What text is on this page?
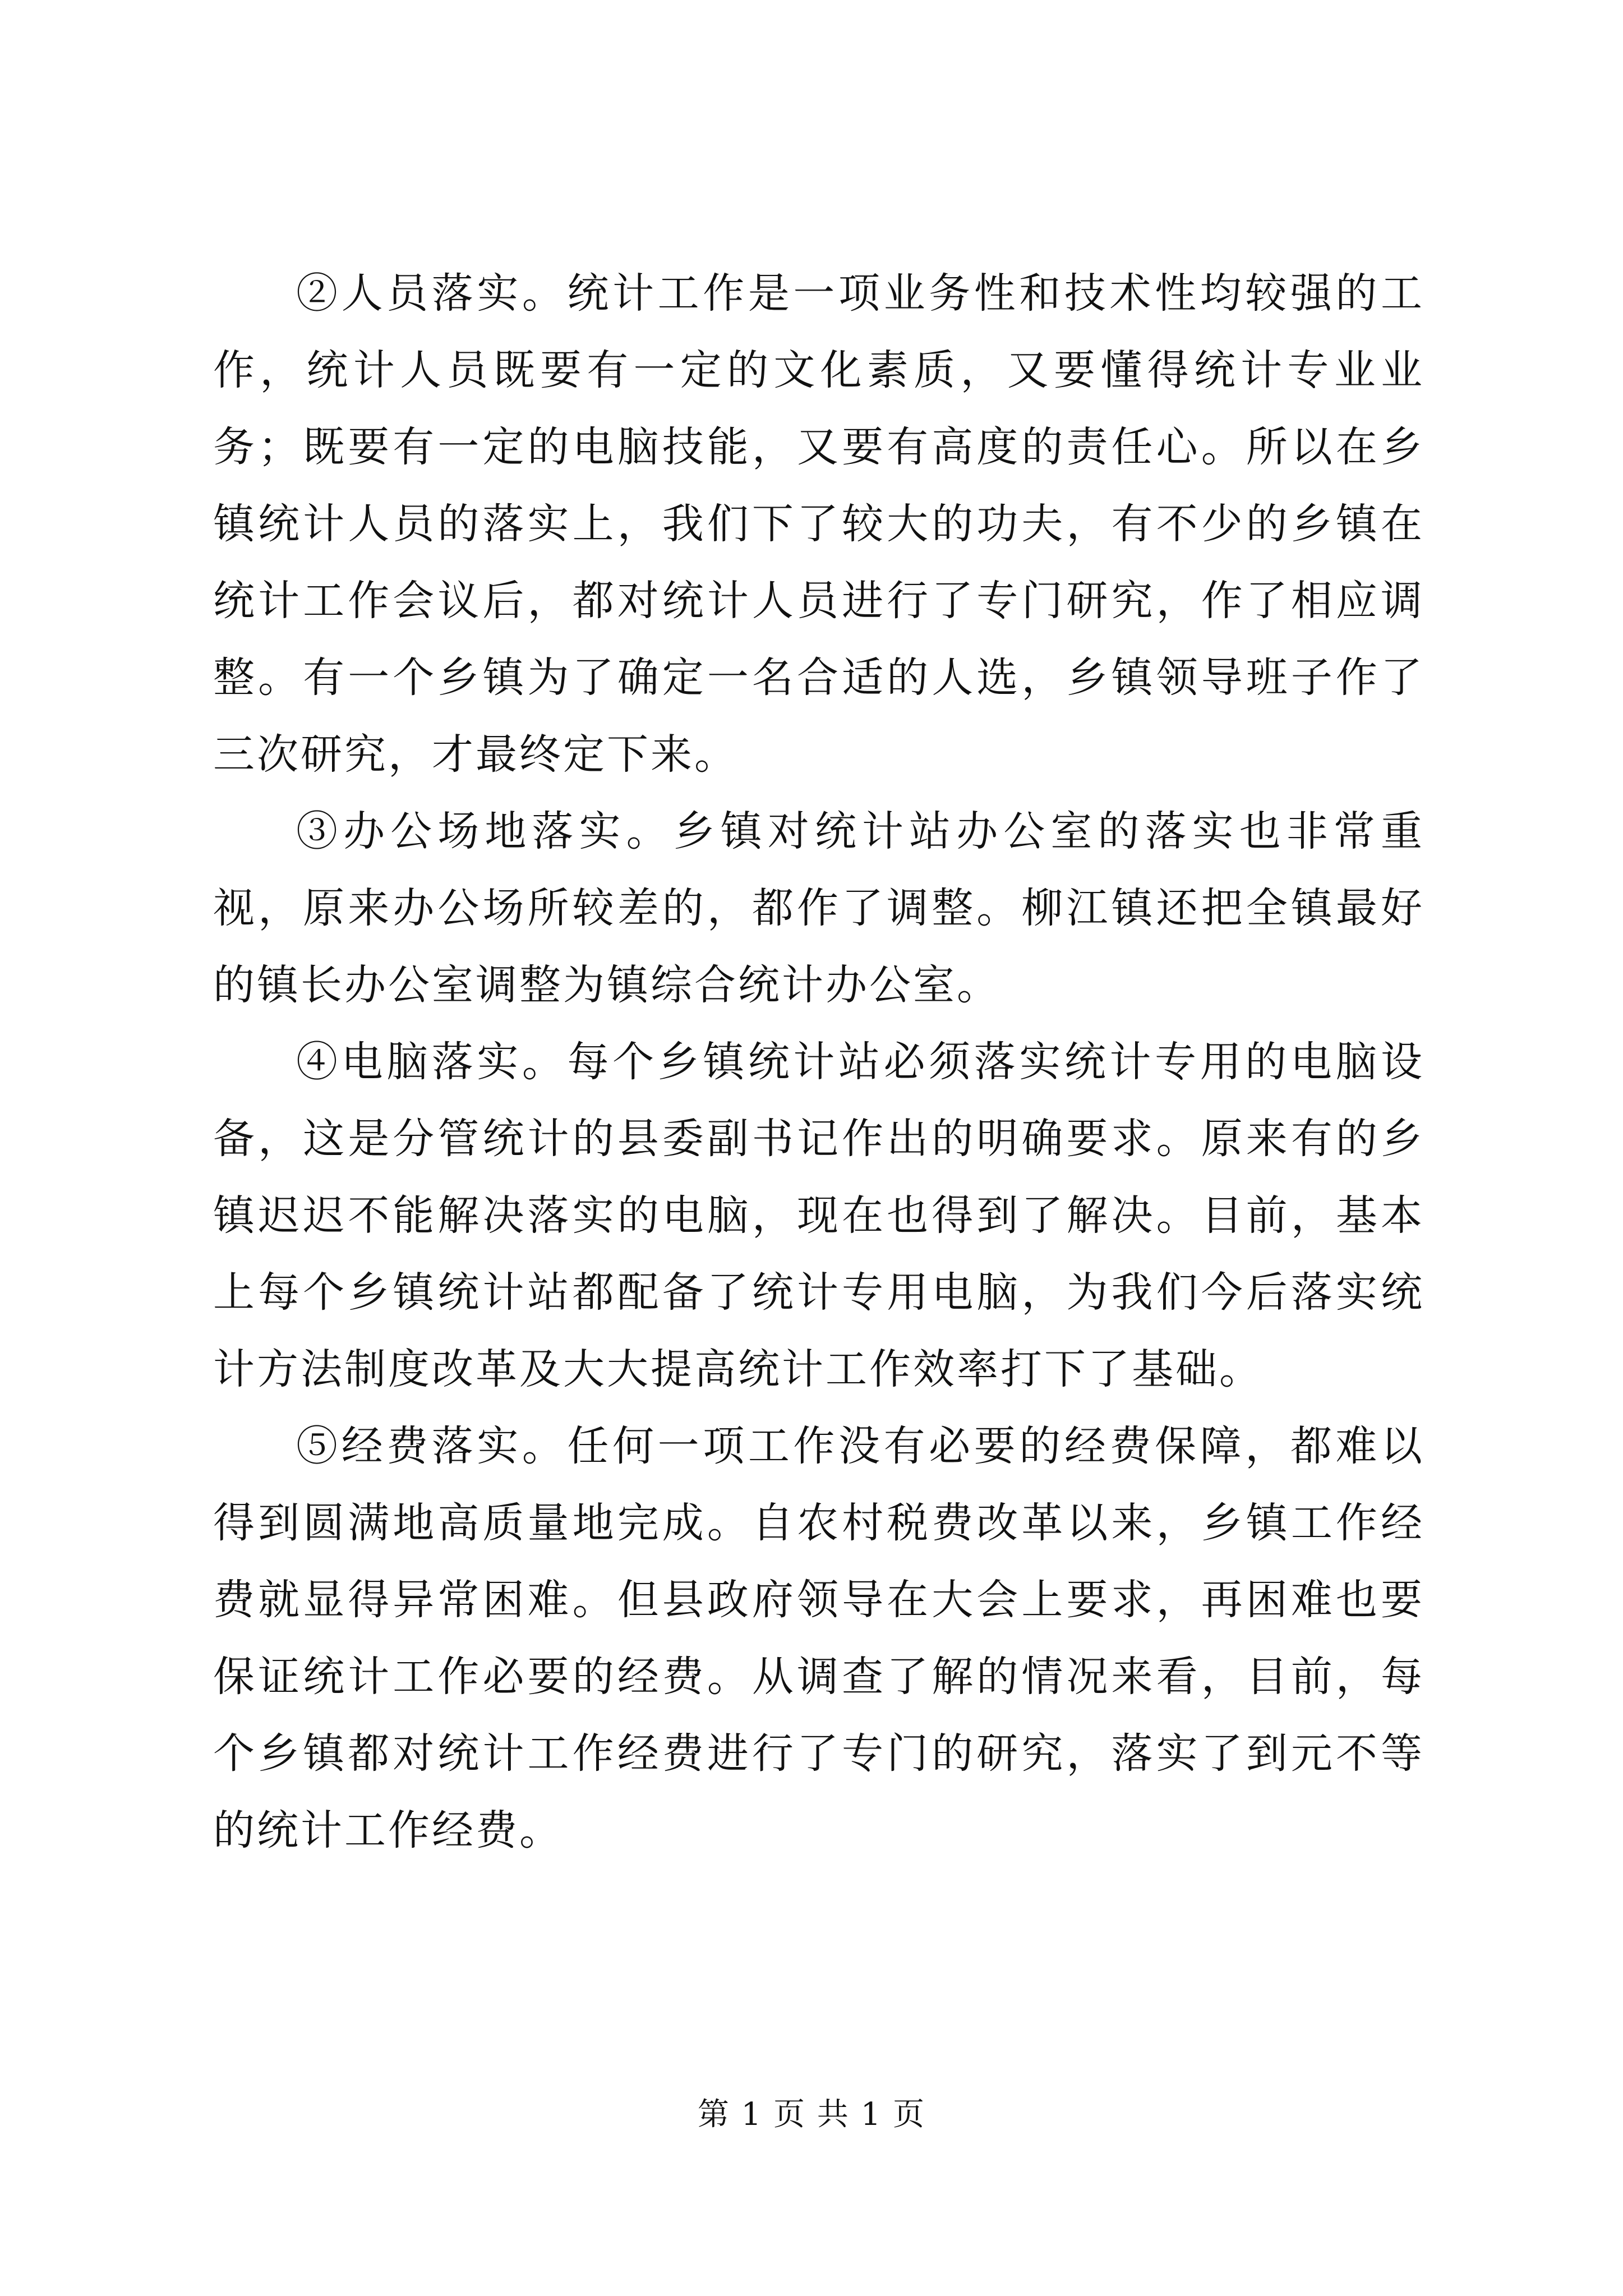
②人员落实。统计工作是一项业务性和技术性均较强的工作，统计人员既要有一定的文化素质，又要懂得统计专业业务；既要有一定的电脑技能，又要有高度的责任心。所以在乡镇统计人员的落实上，我们下了较大的功夫，有不少的乡镇在统计工作会议后，都对统计人员进行了专门研究，作了相应调整。有一个乡镇为了确定一名合适的人选，乡镇领导班子作了三次研究，才最终定下来。

③办公场地落实。乡镇对统计站办公室的落实也非常重视，原来办公场所较差的，都作了调整。柳江镇还把全镇最好的镇长办公室调整为镇综合统计办公室。

④电脑落实。每个乡镇统计站必须落实统计专用的电脑设备，这是分管统计的县委副书记作出的明确要求。原来有的乡镇迟迟不能解决落实的电脑，现在也得到了解决。目前，基本上每个乡镇统计站都配备了统计专用电脑，为我们今后落实统计方法制度改革及大大提高统计工作效率打下了基础。

⑤经费落实。任何一项工作没有必要的经费保障，都难以得到圆满地高质量地完成。自农村税费改革以来，乡镇工作经费就显得异常困难。但县政府领导在大会上要求，再困难也要保证统计工作必要的经费。从调查了解的情况来看，目前，每个乡镇都对统计工作经费进行了专门的研究，落实了到元不等的统计工作经费。

第 1 页 共 1 页
